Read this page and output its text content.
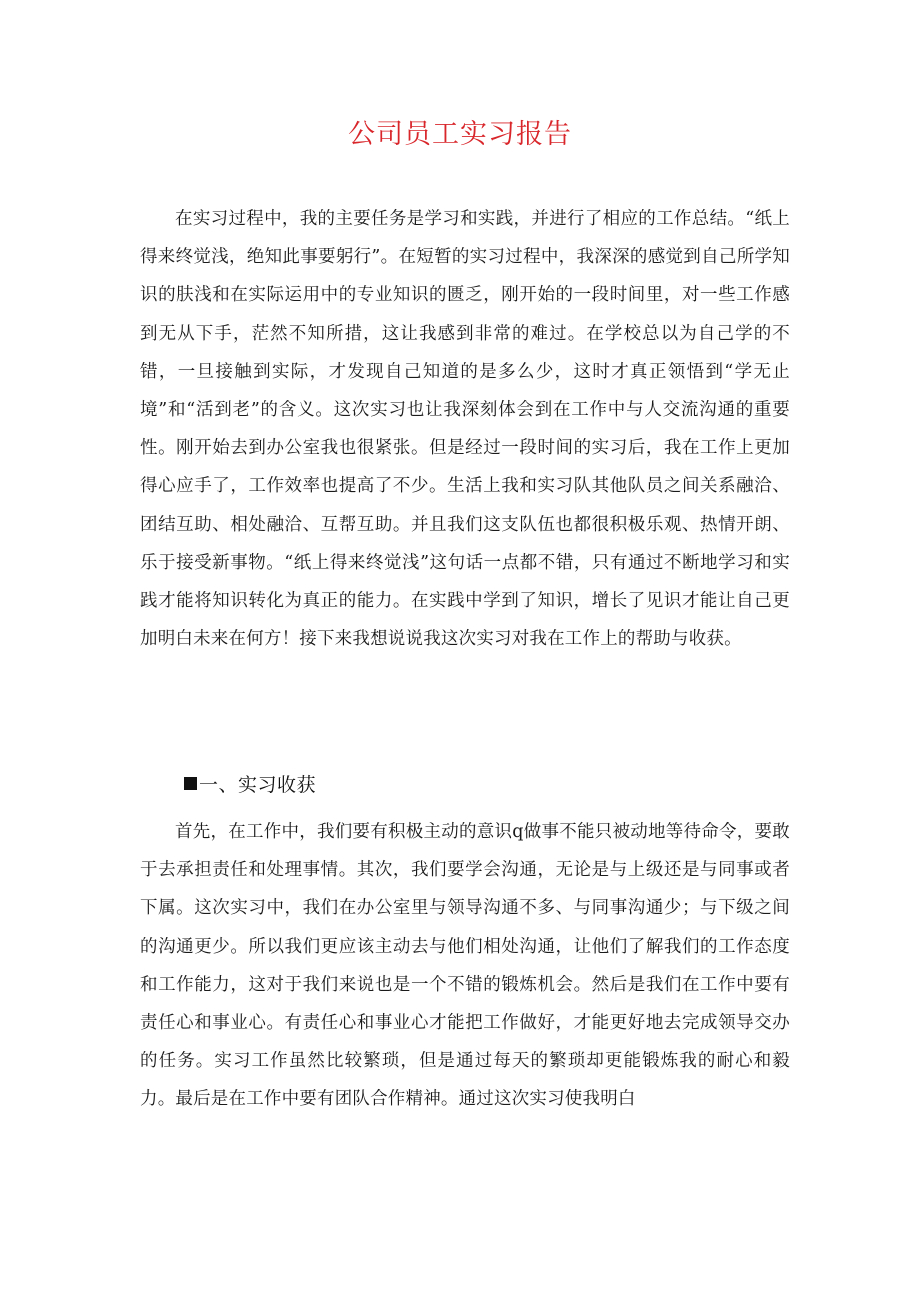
公司员工实习报告

在实习过程中，我的主要任务是学习和实践，并进行了相应的工作总结。“纸上得来终觉浅，绝知此事要躬行”。在短暂的实习过程中，我深深的感觉到自己所学知识的肤浅和在实际运用中的专业知识的匮乏，刚开始的一段时间里，对一些工作感到无从下手，茫然不知所措，这让我感到非常的难过。在学校总以为自己学的不错，一旦接触到实际，才发现自己知道的是多么少，这时才真正领悟到“学无止境”和“活到老”的含义。这次实习也让我深刻体会到在工作中与人交流沟通的重要性。刚开始去到办公室我也很紧张。但是经过一段时间的实习后，我在工作上更加得心应手了，工作效率也提高了不少。生活上我和实习队其他队员之间关系融洽、团结互助、相处融洽、互帮互助。并且我们这支队伍也都很积极乐观、热情开朗、乐于接受新事物。“纸上得来终觉浅”这句话一点都不错，只有通过不断地学习和实践才能将知识转化为真正的能力。在实践中学到了知识，增长了见识才能让自己更加明白未来在何方！接下来我想说说我这次实习对我在工作上的帮助与收获。

一、实习收获

首先，在工作中，我们要有积极主动的意识q做事不能只被动地等待命令，要敢于去承担责任和处理事情。其次，我们要学会沟通，无论是与上级还是与同事或者下属。这次实习中，我们在办公室里与领导沟通不多、与同事沟通少；与下级之间的沟通更少。所以我们更应该主动去与他们相处沟通，让他们了解我们的工作态度和工作能力，这对于我们来说也是一个不错的锻炼机会。然后是我们在工作中要有责任心和事业心。有责任心和事业心才能把工作做好，才能更好地去完成领导交办的任务。实习工作虽然比较繁琐，但是通过每天的繁琐却更能锻炼我的耐心和毅力。最后是在工作中要有团队合作精神。通过这次实习使我明白
